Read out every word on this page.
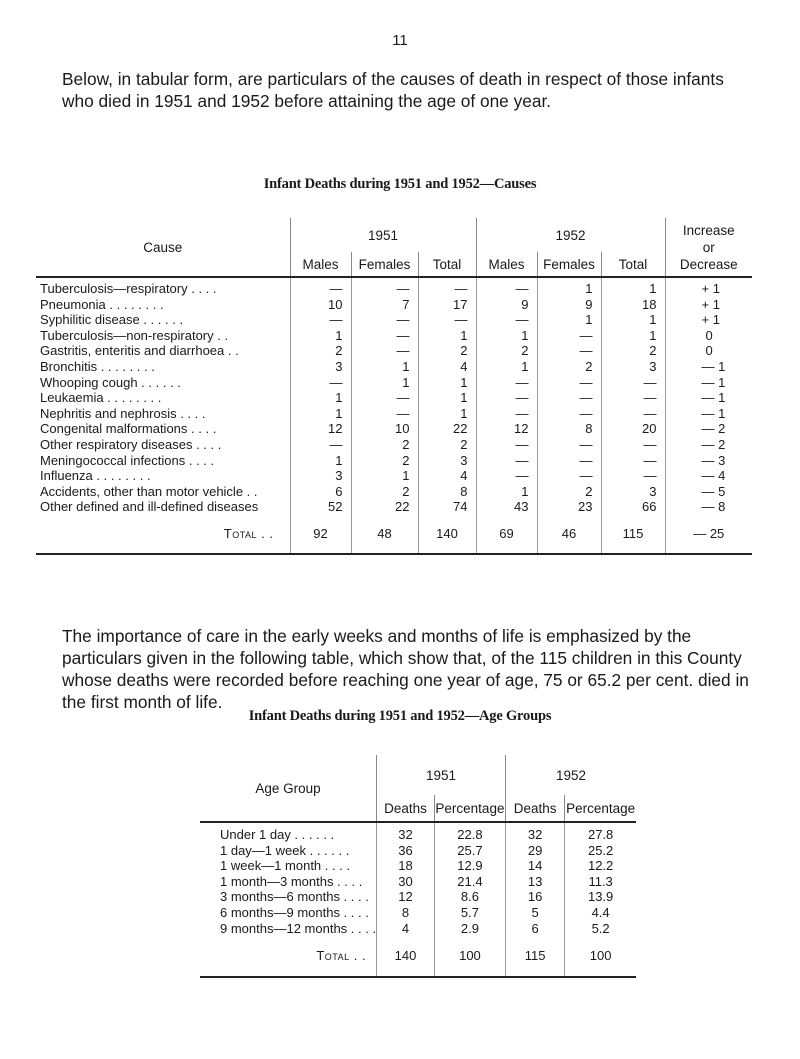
11

Below, in tabular form, are particulars of the causes of death in respect of those infants who died in 1951 and 1952 before attaining the age of one year.

Infant Deaths during 1951 and 1952—Causes
Cause	1951			1952			Increase
or
Decrease
	Males	Females	Total	Males	Females	Total	
Tuberculosis—respiratory . . . .	—	—	—	—	1	1	+ 1
Pneumonia . . . . . . . .	10	7	17	9	9	18	+ 1
Syphilitic disease . . . . . .	—	—	—	—	1	1	+ 1
Tuberculosis—non-respiratory . .	1	—	1	1	—	1	0
Gastritis, enteritis and diarrhoea . .	2	—	2	2	—	2	0
Bronchitis . . . . . . . .	3	1	4	1	2	3	— 1
Whooping cough . . . . . .	—	1	1	—	—	—	— 1
Leukaemia . . . . . . . .	1	—	1	—	—	—	— 1
Nephritis and nephrosis . . . .	1	—	1	—	—	—	— 1
Congenital malformations . . . .	12	10	22	12	8	20	— 2
Other respiratory diseases . . . .	—	2	2	—	—	—	— 2
Meningococcal infections . . . .	1	2	3	—	—	—	— 3
Influenza . . . . . . . .	3	1	4	—	—	—	— 4
Accidents, other than motor vehicle . .	6	2	8	1	2	3	— 5
Other defined and ill-defined diseases	52	22	74	43	23	66	— 8
Total . .	92	48	140	69	46	115	— 25

The importance of care in the early weeks and months of life is emphasized by the particulars given in the following table, which show that, of the 115 children in this County whose deaths were recorded before reaching one year of age, 75 or 65.2 per cent. died in the first month of life.

Infant Deaths during 1951 and 1952—Age Groups
Age Group	1951		1952	
	Deaths	Percentage	Deaths	Percentage
Under 1 day . . . . . .	32	22.8	32	27.8
1 day—1 week . . . . . .	36	25.7	29	25.2
1 week—1 month . . . .	18	12.9	14	12.2
1 month—3 months . . . .	30	21.4	13	11.3
3 months—6 months . . . .	12	8.6	16	13.9
6 months—9 months . . . .	8	5.7	5	4.4
9 months—12 months . . . .	4	2.9	6	5.2
Total . .	140	100	115	100
